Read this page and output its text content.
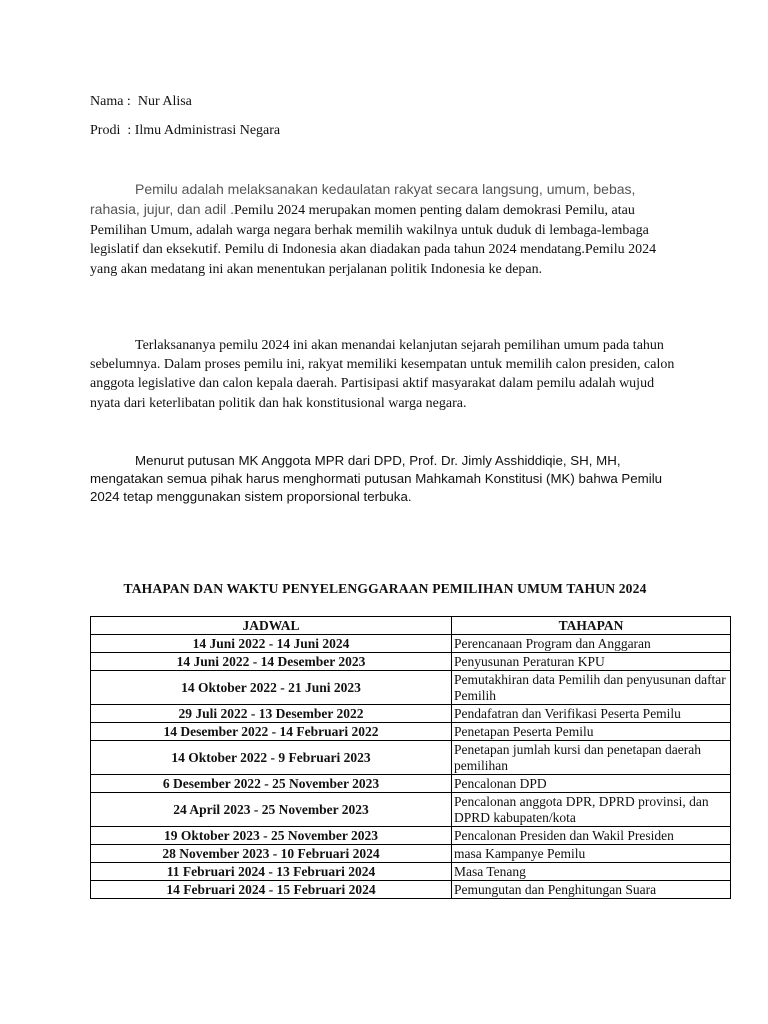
Nama : Nur Alisa
Prodi : Ilmu Administrasi Negara

Pemilu adalah melaksanakan kedaulatan rakyat secara langsung, umum, bebas, rahasia, jujur, dan adil .Pemilu 2024 merupakan momen penting dalam demokrasi Pemilu, atau Pemilihan Umum, adalah warga negara berhak memilih wakilnya untuk duduk di lembaga-lembaga legislatif dan eksekutif. Pemilu di Indonesia akan diadakan pada tahun 2024 mendatang.Pemilu 2024 yang akan medatang ini akan menentukan perjalanan politik Indonesia ke depan.

Terlaksananya pemilu 2024 ini akan menandai kelanjutan sejarah pemilihan umum pada tahun sebelumnya. Dalam proses pemilu ini, rakyat memiliki kesempatan untuk memilih calon presiden, calon anggota legislative dan calon kepala daerah. Partisipasi aktif masyarakat dalam pemilu adalah wujud nyata dari keterlibatan politik dan hak konstitusional warga negara.

Menurut putusan MK Anggota MPR dari DPD, Prof. Dr. Jimly Asshiddiqie, SH, MH, mengatakan semua pihak harus menghormati putusan Mahkamah Konstitusi (MK) bahwa Pemilu 2024 tetap menggunakan sistem proporsional terbuka.

TAHAPAN DAN WAKTU PENYELENGGARAAN PEMILIHAN UMUM TAHUN 2024
JADWAL	TAHAPAN
14 Juni 2022 - 14 Juni 2024	Perencanaan Program dan Anggaran
14 Juni 2022 - 14 Desember 2023	Penyusunan Peraturan KPU
14 Oktober 2022 - 21 Juni 2023	Pemutakhiran data Pemilih dan penyusunan daftar Pemilih
29 Juli 2022 - 13 Desember 2022	Pendafatran dan Verifikasi Peserta Pemilu
14 Desember 2022 - 14 Februari 2022	Penetapan Peserta Pemilu
14 Oktober 2022 - 9 Februari 2023	Penetapan jumlah kursi dan penetapan daerah pemilihan
6 Desember 2022 - 25 November 2023	Pencalonan DPD
24 April 2023 - 25 November 2023	Pencalonan anggota DPR, DPRD provinsi, dan DPRD kabupaten/kota
19 Oktober 2023 - 25 November 2023	Pencalonan Presiden dan Wakil Presiden
28 November 2023 - 10 Februari 2024	masa Kampanye Pemilu
11 Februari 2024 - 13 Februari 2024	Masa Tenang
14 Februari 2024 - 15 Februari 2024	Pemungutan dan Penghitungan Suara
